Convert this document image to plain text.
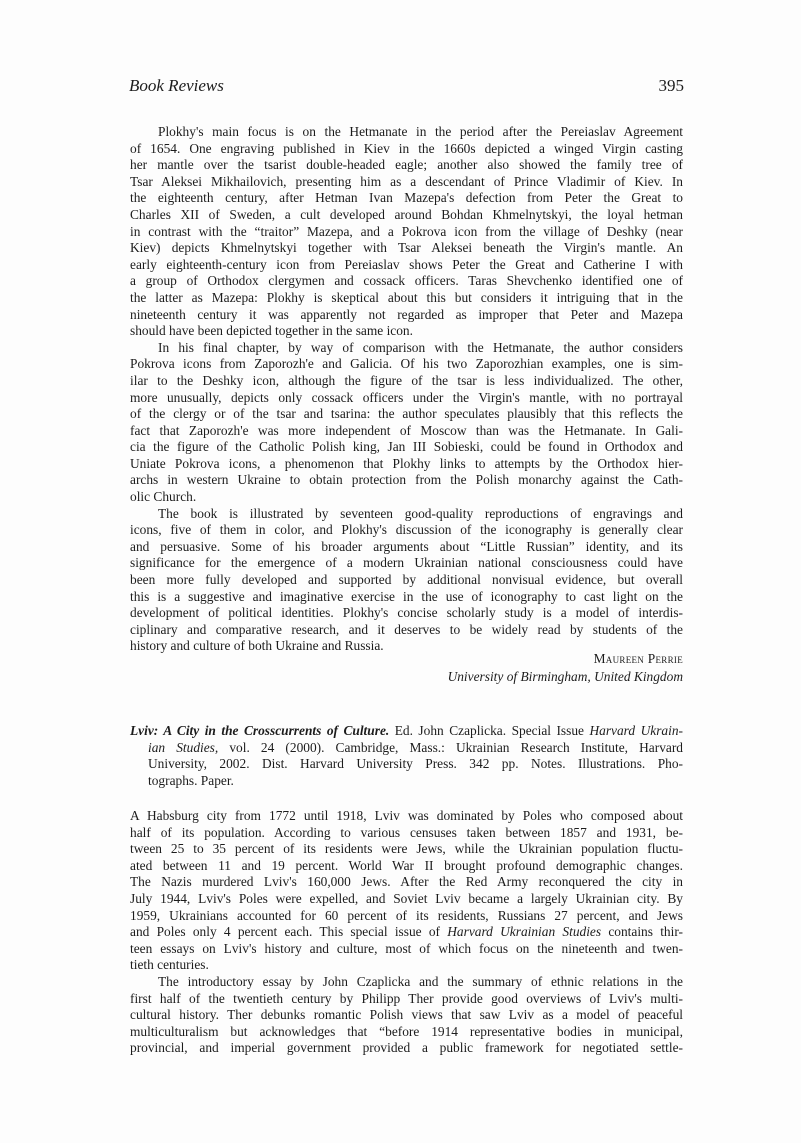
Book Reviews	395
Plokhy's main focus is on the Hetmanate in the period after the Pereiaslav Agreement
of 1654. One engraving published in Kiev in the 1660s depicted a winged Virgin casting
her mantle over the tsarist double-headed eagle; another also showed the family tree of
Tsar Aleksei Mikhailovich, presenting him as a descendant of Prince Vladimir of Kiev. In
the eighteenth century, after Hetman Ivan Mazepa's defection from Peter the Great to
Charles XII of Sweden, a cult developed around Bohdan Khmelnytskyi, the loyal hetman
in contrast with the “traitor” Mazepa, and a Pokrova icon from the village of Deshky (near
Kiev) depicts Khmelnytskyi together with Tsar Aleksei beneath the Virgin's mantle. An
early eighteenth-century icon from Pereiaslav shows Peter the Great and Catherine I with
a group of Orthodox clergymen and cossack officers. Taras Shevchenko identified one of
the latter as Mazepa: Plokhy is skeptical about this but considers it intriguing that in the
nineteenth century it was apparently not regarded as improper that Peter and Mazepa
should have been depicted together in the same icon.
In his final chapter, by way of comparison with the Hetmanate, the author considers
Pokrova icons from Zaporozh'e and Galicia. Of his two Zaporozhian examples, one is sim-
ilar to the Deshky icon, although the figure of the tsar is less individualized. The other,
more unusually, depicts only cossack officers under the Virgin's mantle, with no portrayal
of the clergy or of the tsar and tsarina: the author speculates plausibly that this reflects the
fact that Zaporozh'e was more independent of Moscow than was the Hetmanate. In Gali-
cia the figure of the Catholic Polish king, Jan III Sobieski, could be found in Orthodox and
Uniate Pokrova icons, a phenomenon that Plokhy links to attempts by the Orthodox hier-
archs in western Ukraine to obtain protection from the Polish monarchy against the Cath-
olic Church.
The book is illustrated by seventeen good-quality reproductions of engravings and
icons, five of them in color, and Plokhy's discussion of the iconography is generally clear
and persuasive. Some of his broader arguments about “Little Russian” identity, and its
significance for the emergence of a modern Ukrainian national consciousness could have
been more fully developed and supported by additional nonvisual evidence, but overall
this is a suggestive and imaginative exercise in the use of iconography to cast light on the
development of political identities. Plokhy's concise scholarly study is a model of interdis-
ciplinary and comparative research, and it deserves to be widely read by students of the
history and culture of both Ukraine and Russia.
Maureen Perrie
University of Birmingham, United Kingdom
Lviv: A City in the Crosscurrents of Culture. Ed. John Czaplicka. Special Issue Harvard Ukrain-
ian Studies, vol. 24 (2000). Cambridge, Mass.: Ukrainian Research Institute, Harvard
University, 2002. Dist. Harvard University Press. 342 pp. Notes. Illustrations. Pho-
tographs. Paper.
A Habsburg city from 1772 until 1918, Lviv was dominated by Poles who composed about
half of its population. According to various censuses taken between 1857 and 1931, be-
tween 25 to 35 percent of its residents were Jews, while the Ukrainian population fluctu-
ated between 11 and 19 percent. World War II brought profound demographic changes.
The Nazis murdered Lviv's 160,000 Jews. After the Red Army reconquered the city in
July 1944, Lviv's Poles were expelled, and Soviet Lviv became a largely Ukrainian city. By
1959, Ukrainians accounted for 60 percent of its residents, Russians 27 percent, and Jews
and Poles only 4 percent each. This special issue of Harvard Ukrainian Studies contains thir-
teen essays on Lviv's history and culture, most of which focus on the nineteenth and twen-
tieth centuries.
The introductory essay by John Czaplicka and the summary of ethnic relations in the
first half of the twentieth century by Philipp Ther provide good overviews of Lviv's multi-
cultural history. Ther debunks romantic Polish views that saw Lviv as a model of peaceful
multiculturalism but acknowledges that “before 1914 representative bodies in municipal,
provincial, and imperial government provided a public framework for negotiated settle-
